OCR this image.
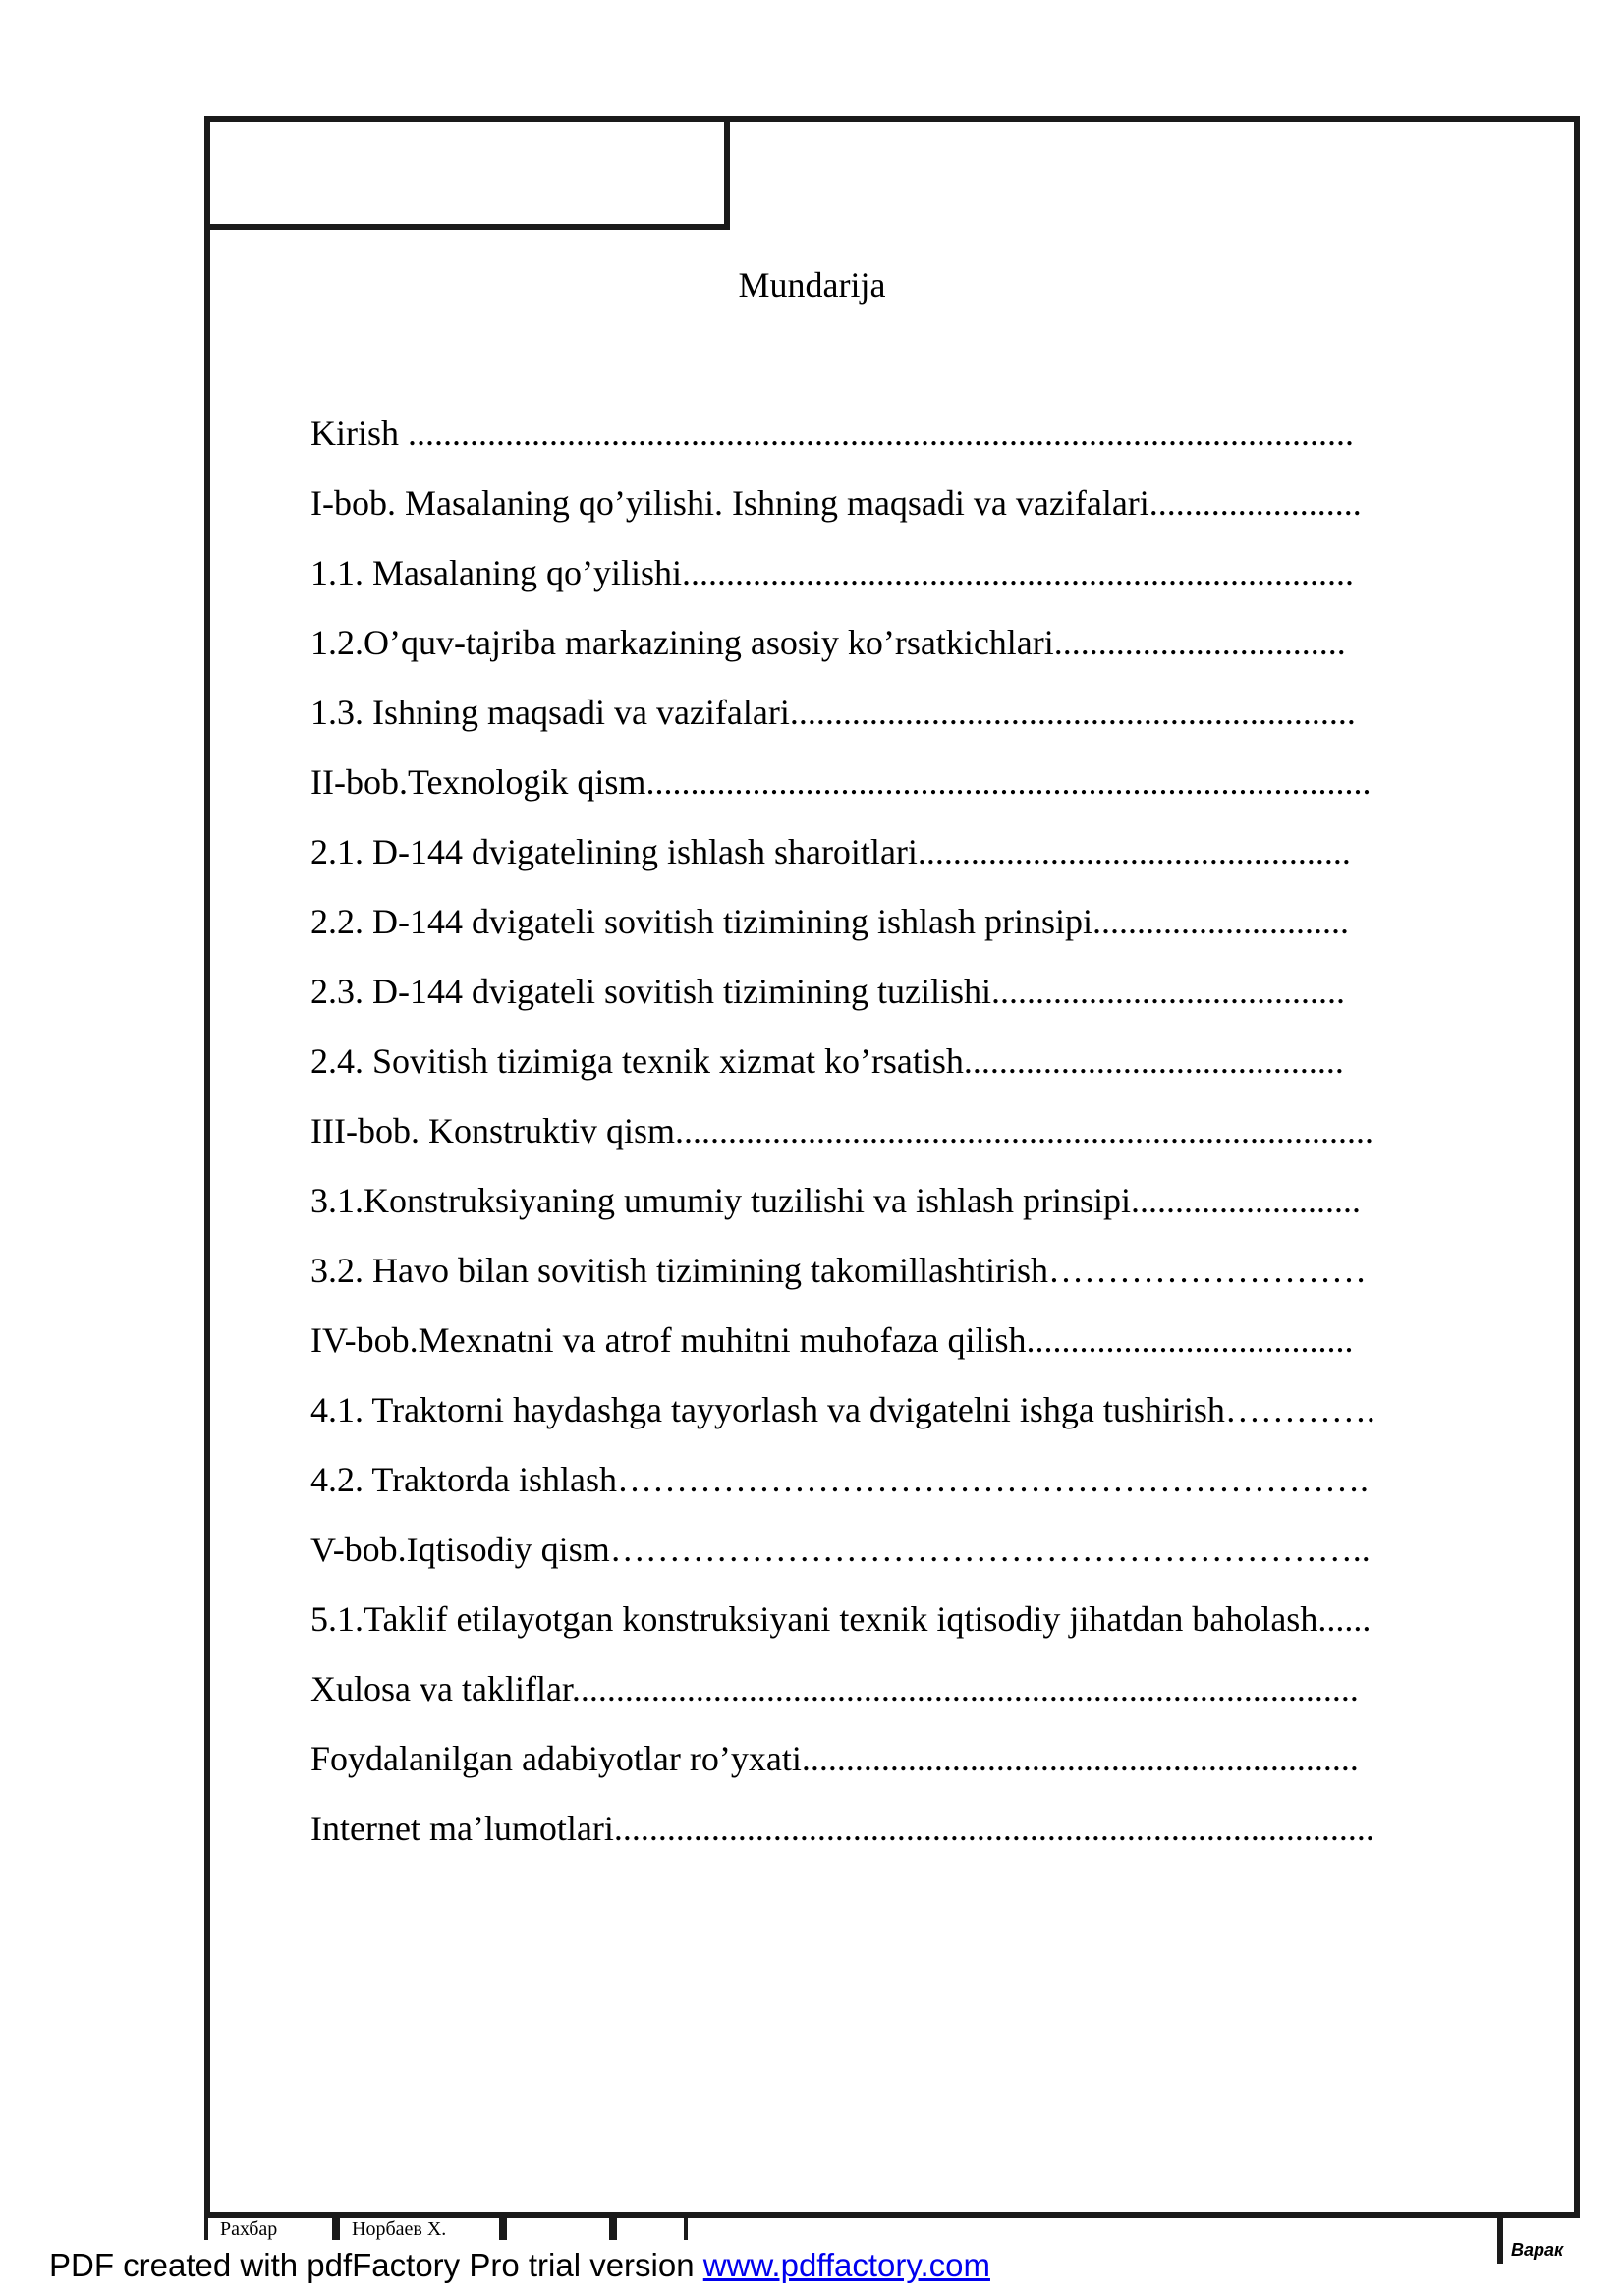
Mundarija
Kirish ...........................................................................................................
I-bob. Masalaning qo’yilishi. Ishning maqsadi va vazifalari........................
1.1. Masalaning qo’yilishi............................................................................
1.2.O’quv-tajriba markazining asosiy ko’rsatkichlari.................................
1.3. Ishning maqsadi va vazifalari................................................................
II-bob.Texnologik qism..................................................................................
2.1. D-144 dvigatelining ishlash sharoitlari.................................................
2.2. D-144 dvigateli sovitish tizimining ishlash prinsipi.............................
2.3. D-144 dvigateli sovitish tizimining tuzilishi........................................
2.4. Sovitish tizimiga texnik xizmat ko’rsatish...........................................
III-bob. Konstruktiv qism...............................................................................
3.1.Konstruksiyaning umumiy tuzilishi va ishlash prinsipi..........................
3.2. Havo bilan sovitish tizimining takomillashtirish………………………
IV-bob.Mexnatni va atrof muhitni muhofaza qilish.....................................
4.1. Traktorni haydashga tayyorlash va dvigatelni ishga tushirish………….
4.2. Traktorda ishlash……………………………………………………….
V-bob.Iqtisodiy qism………………………………………………………..
5.1.Taklif etilayotgan konstruksiyani texnik iqtisodiy jihatdan baholash......
Xulosa va takliflar.........................................................................................
Foydalanilgan adabiyotlar ro’yxati...............................................................
Internet ma’lumotlari......................................................................................
Рахбар	Норбаев Х.
Варак
PDF created with pdfFactory Pro trial version www.pdffactory.com
